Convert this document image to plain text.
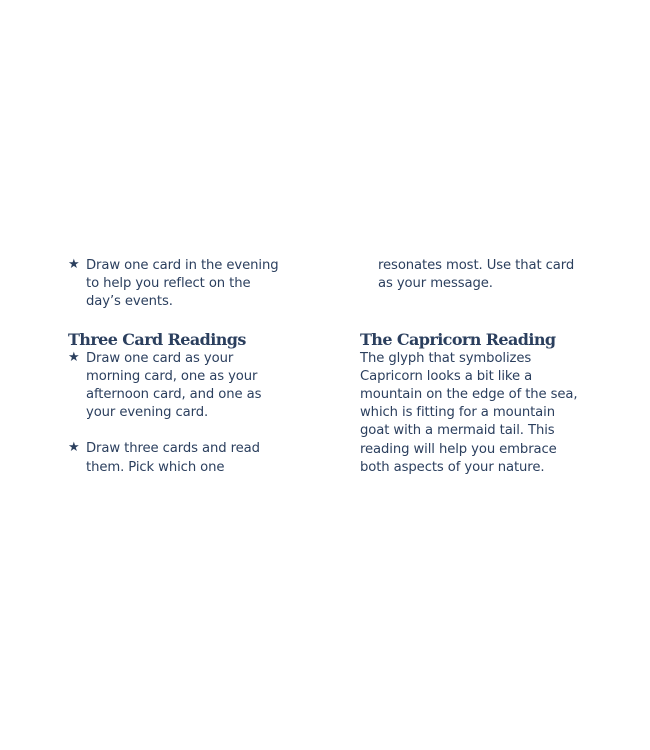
★ Draw one card in the evening
to help you reflect on the
day’s events.
Three Card Readings
★ Draw one card as your
morning card, one as your
afternoon card, and one as
your evening card.
★ Draw three cards and read
them. Pick which one
resonates most. Use that card
as your message.
The Capricorn Reading
The glyph that symbolizes
Capricorn looks a bit like a
mountain on the edge of the sea,
which is fitting for a mountain
goat with a mermaid tail. This
reading will help you embrace
both aspects of your nature.
